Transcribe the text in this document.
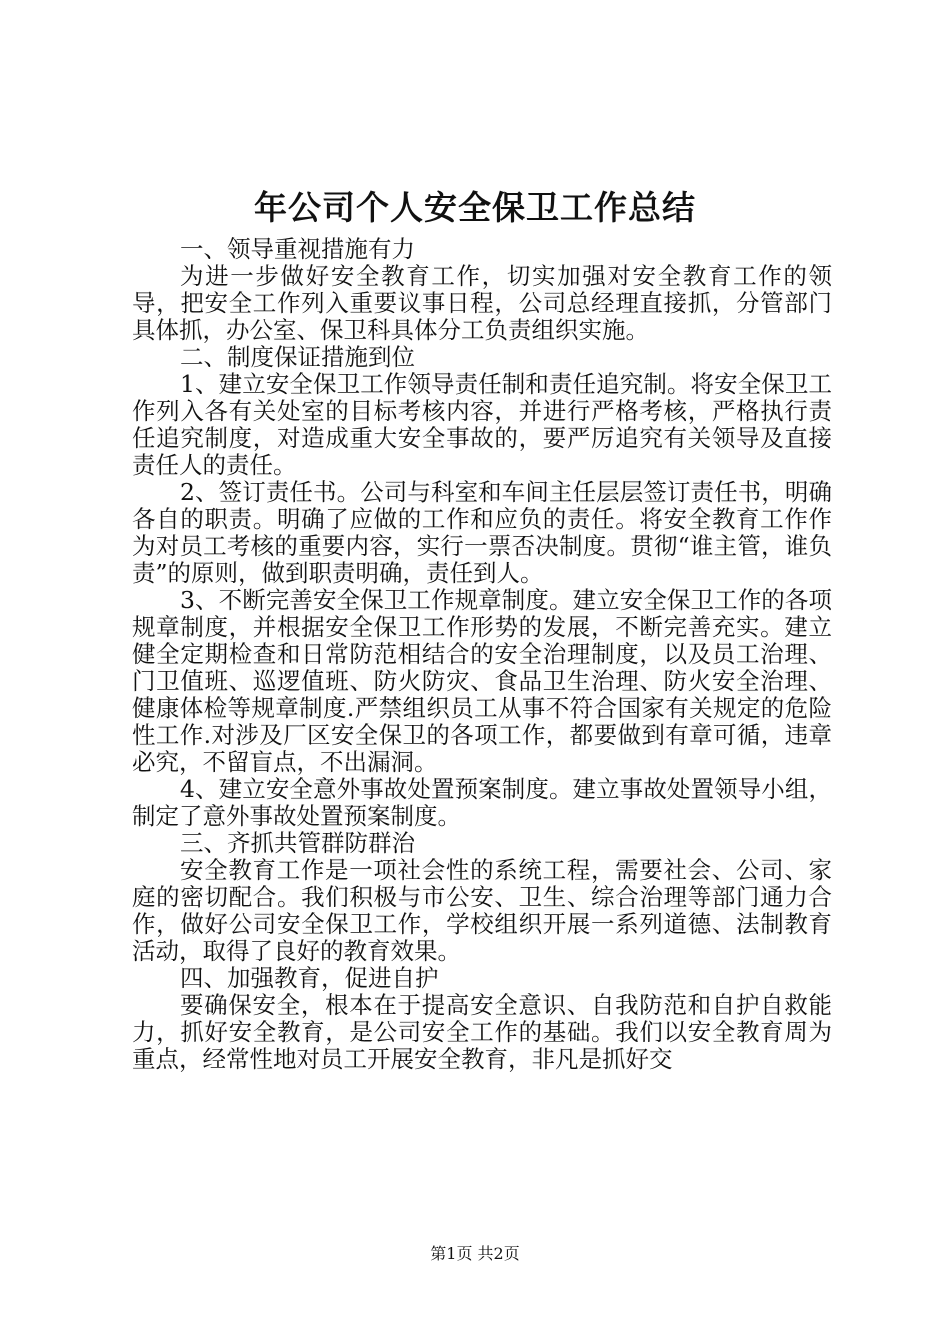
年公司个人安全保卫工作总结

一、领导重视措施有力

为进一步做好安全教育工作，切实加强对安全教育工作的领导，把安全工作列入重要议事日程，公司总经理直接抓，分管部门具体抓，办公室、保卫科具体分工负责组织实施。

二、制度保证措施到位

1、建立安全保卫工作领导责任制和责任追究制。将安全保卫工作列入各有关处室的目标考核内容，并进行严格考核，严格执行责任追究制度，对造成重大安全事故的，要严厉追究有关领导及直接责任人的责任。

2、签订责任书。公司与科室和车间主任层层签订责任书，明确各自的职责。明确了应做的工作和应负的责任。将安全教育工作作为对员工考核的重要内容，实行一票否决制度。贯彻“谁主管，谁负责”的原则，做到职责明确，责任到人。

3、不断完善安全保卫工作规章制度。建立安全保卫工作的各项规章制度，并根据安全保卫工作形势的发展，不断完善充实。建立健全定期检查和日常防范相结合的安全治理制度，以及员工治理、门卫值班、巡逻值班、防火防灾、食品卫生治理、防火安全治理、健康体检等规章制度.严禁组织员工从事不符合国家有关规定的危险性工作.对涉及厂区安全保卫的各项工作，都要做到有章可循，违章必究，不留盲点，不出漏洞。

4、建立安全意外事故处置预案制度。建立事故处置领导小组，制定了意外事故处置预案制度。

三、齐抓共管群防群治

安全教育工作是一项社会性的系统工程，需要社会、公司、家庭的密切配合。我们积极与市公安、卫生、综合治理等部门通力合作，做好公司安全保卫工作，学校组织开展一系列道德、法制教育活动，取得了良好的教育效果。

四、加强教育，促进自护

要确保安全，根本在于提高安全意识、自我防范和自护自救能力，抓好安全教育，是公司安全工作的基础。我们以安全教育周为重点，经常性地对员工开展安全教育，非凡是抓好交

第1页 共2页
